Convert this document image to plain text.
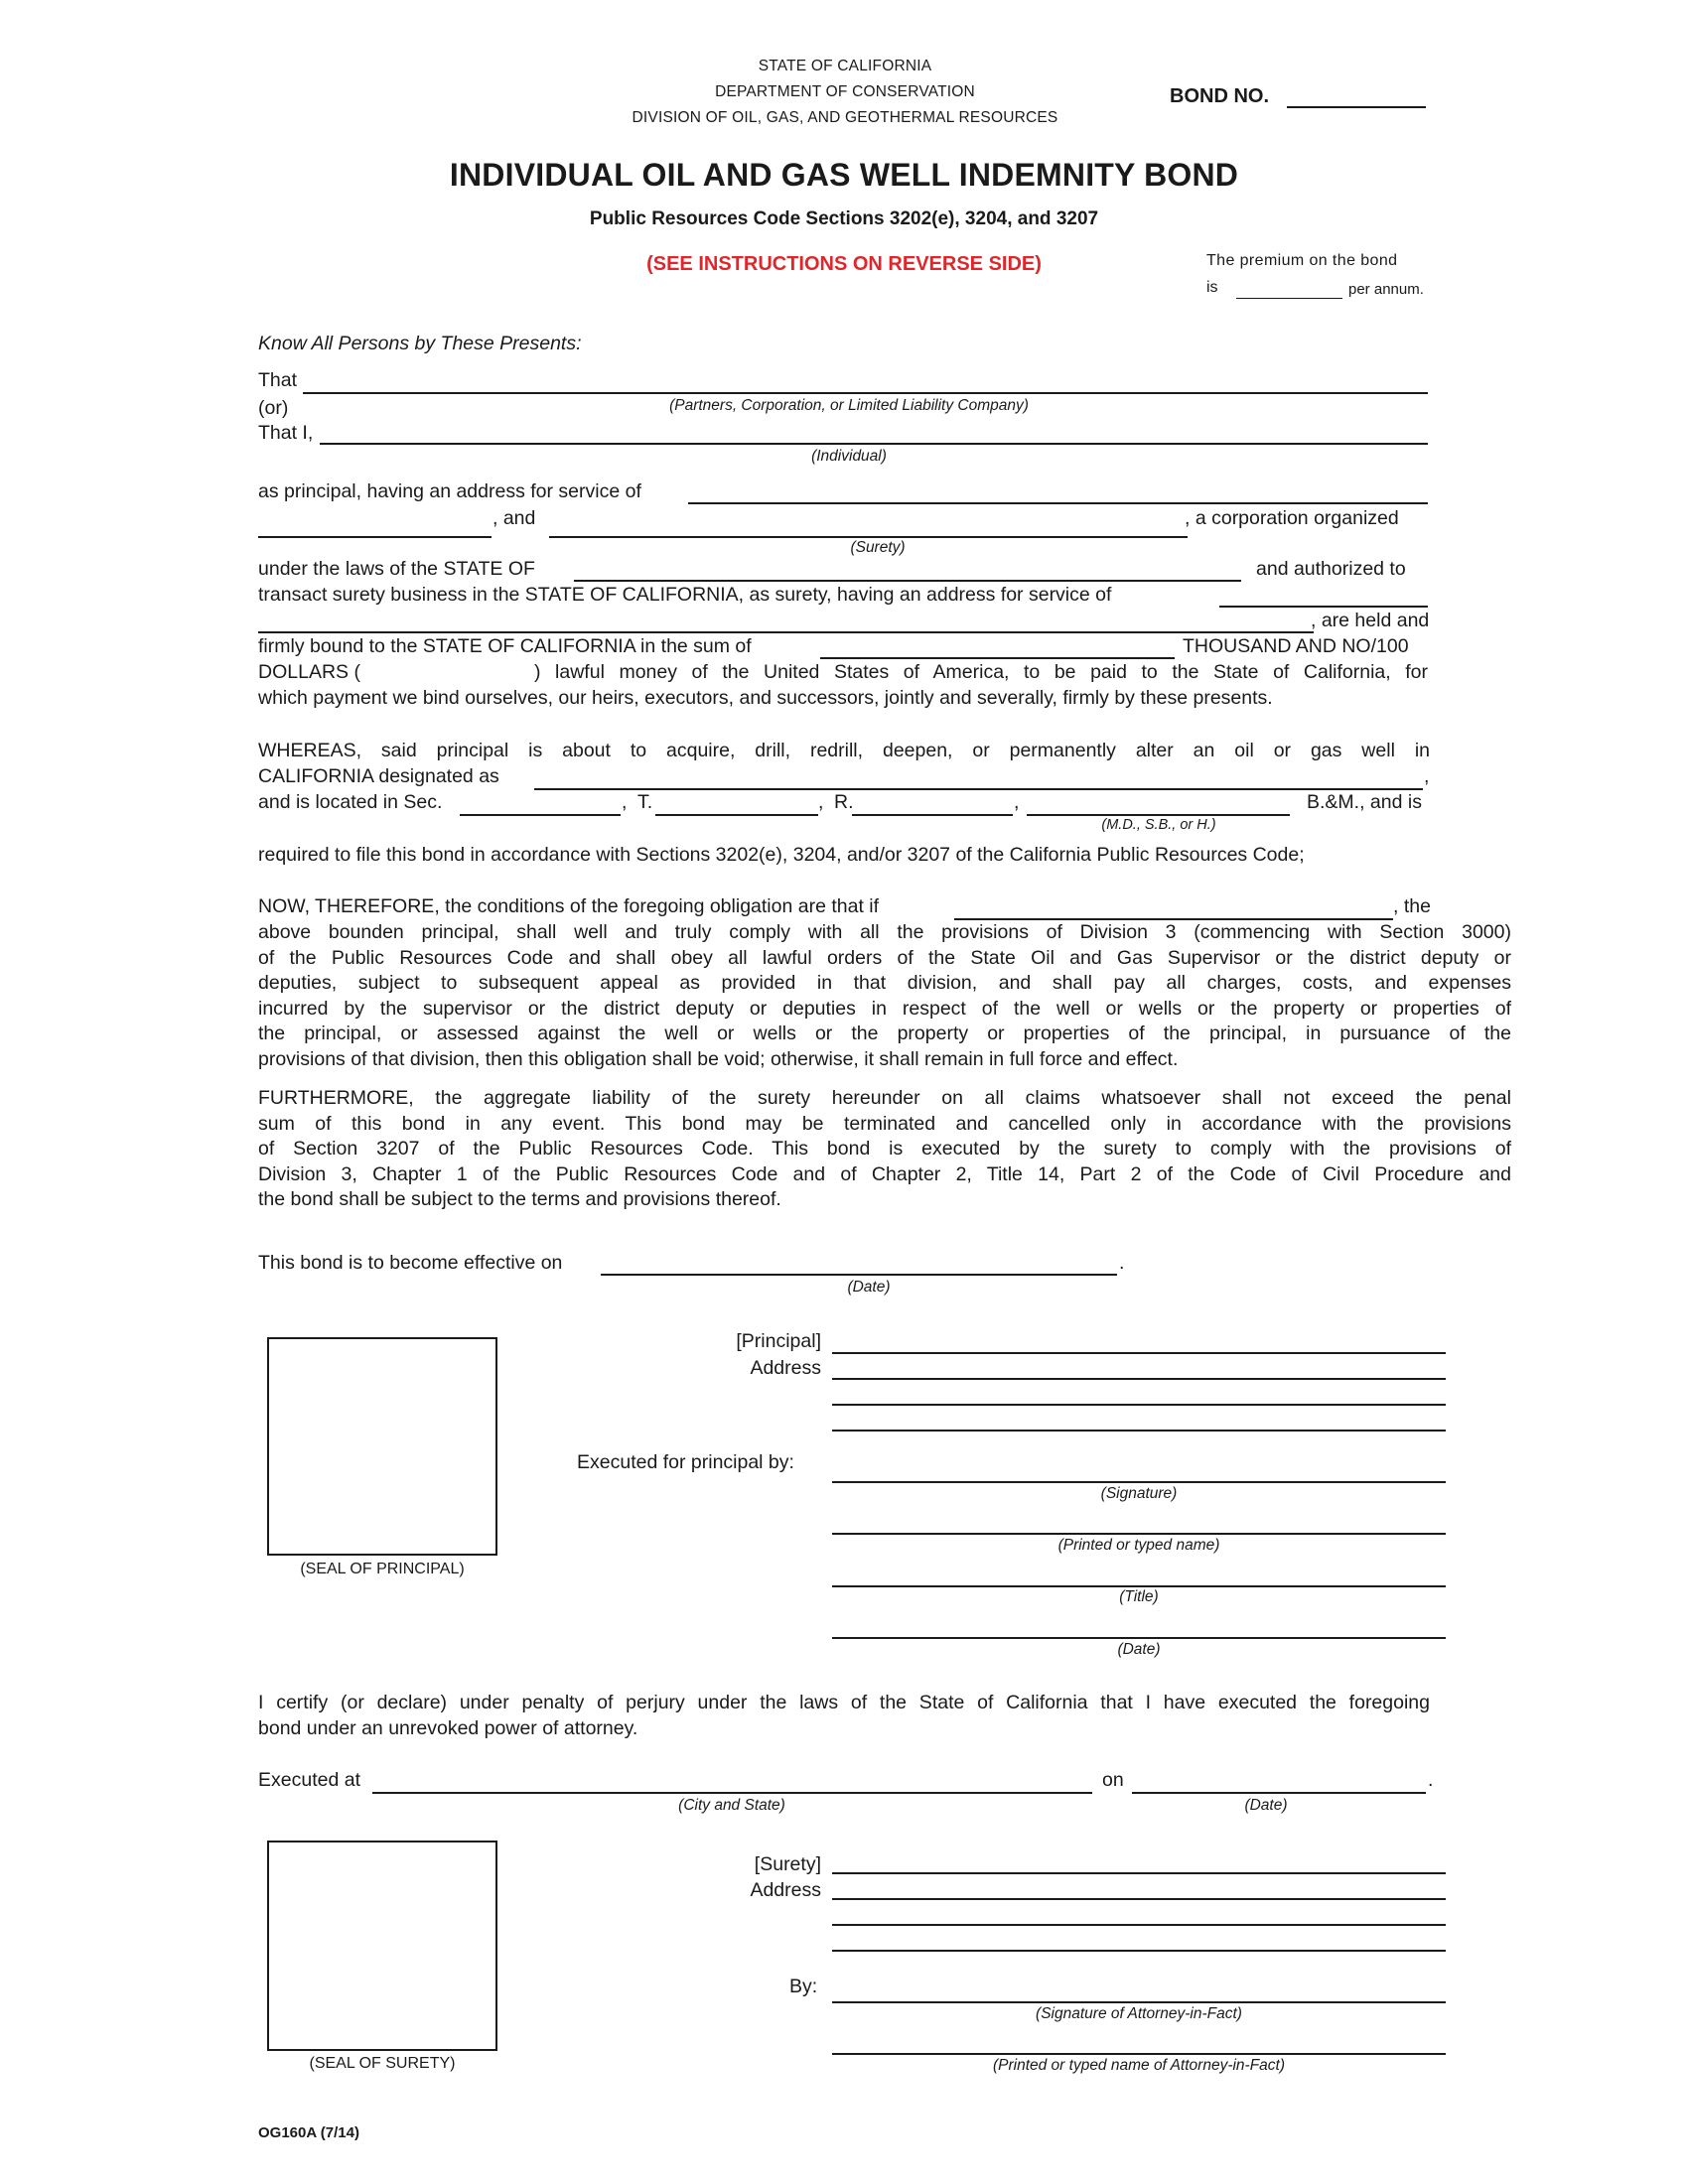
STATE OF CALIFORNIA
DEPARTMENT OF CONSERVATION
DIVISION OF OIL, GAS, AND GEOTHERMAL RESOURCES
BOND NO.
INDIVIDUAL OIL AND GAS WELL INDEMNITY BOND
Public Resources Code Sections 3202(e), 3204, and 3207
(SEE INSTRUCTIONS ON REVERSE SIDE)	The premium on the bond
is	per annum.
Know All Persons by These Presents:
That
(Partners, Corporation, or Limited Liability Company)
(or)
That I,
(Individual)
as principal, having an address for service of
, and
(Surety)
, a corporation organized
under the laws of the STATE OF	and authorized to
transact surety business in the STATE OF CALIFORNIA, as surety, having an address for service of
, are held and
firmly bound to the STATE OF CALIFORNIA in the sum of	THOUSAND AND NO/100
DOLLARS (	) lawful money of the United States of America, to be paid to the State of California, for
which payment we bind ourselves, our heirs, executors, and successors, jointly and severally, firmly by these presents.
WHEREAS, said principal is about to acquire, drill, redrill, deepen, or permanently alter an oil or gas well in
CALIFORNIA designated as	,
and is located in Sec.	, T.	, R.	,
(M.D., S.B., or H.)
B.&M., and is
required to file this bond in accordance with Sections 3202(e), 3204, and/or 3207 of the California Public Resources Code;
NOW, THEREFORE, the conditions of the foregoing obligation are that if	, the
above bounden principal, shall well and truly comply with all the provisions of Division 3 (commencing with Section 3000)
of the Public Resources Code and shall obey all lawful orders of the State Oil and Gas Supervisor or the district deputy or
deputies, subject to subsequent appeal as provided in that division, and shall pay all charges, costs, and expenses
incurred by the supervisor or the district deputy or deputies in respect of the well or wells or the property or properties of
the principal, or assessed against the well or wells or the property or properties of the principal, in pursuance of the
provisions of that division, then this obligation shall be void; otherwise, it shall remain in full force and effect.
FURTHERMORE, the aggregate liability of the surety hereunder on all claims whatsoever shall not exceed the penal
sum of this bond in any event. This bond may be terminated and cancelled only in accordance with the provisions
of Section 3207 of the Public Resources Code. This bond is executed by the surety to comply with the provisions of
Division 3, Chapter 1 of the Public Resources Code and of Chapter 2, Title 14, Part 2 of the Code of Civil Procedure and
the bond shall be subject to the terms and provisions thereof.
This bond is to become effective on	.
(Date)
(SEAL OF PRINCIPAL)
[Principal]
Address
Executed for principal by:
(Signature)
(Printed or typed name)
(Title)
(Date)
I certify (or declare) under penalty of perjury under the laws of the State of California that I have executed the foregoing
bond under an unrevoked power of attorney.
Executed at
(City and State)
on	.
(Date)
(SEAL OF SURETY)
[Surety]
Address
By:
(Signature of Attorney-in-Fact)
(Printed or typed name of Attorney-in-Fact)
OG160A (7/14)
